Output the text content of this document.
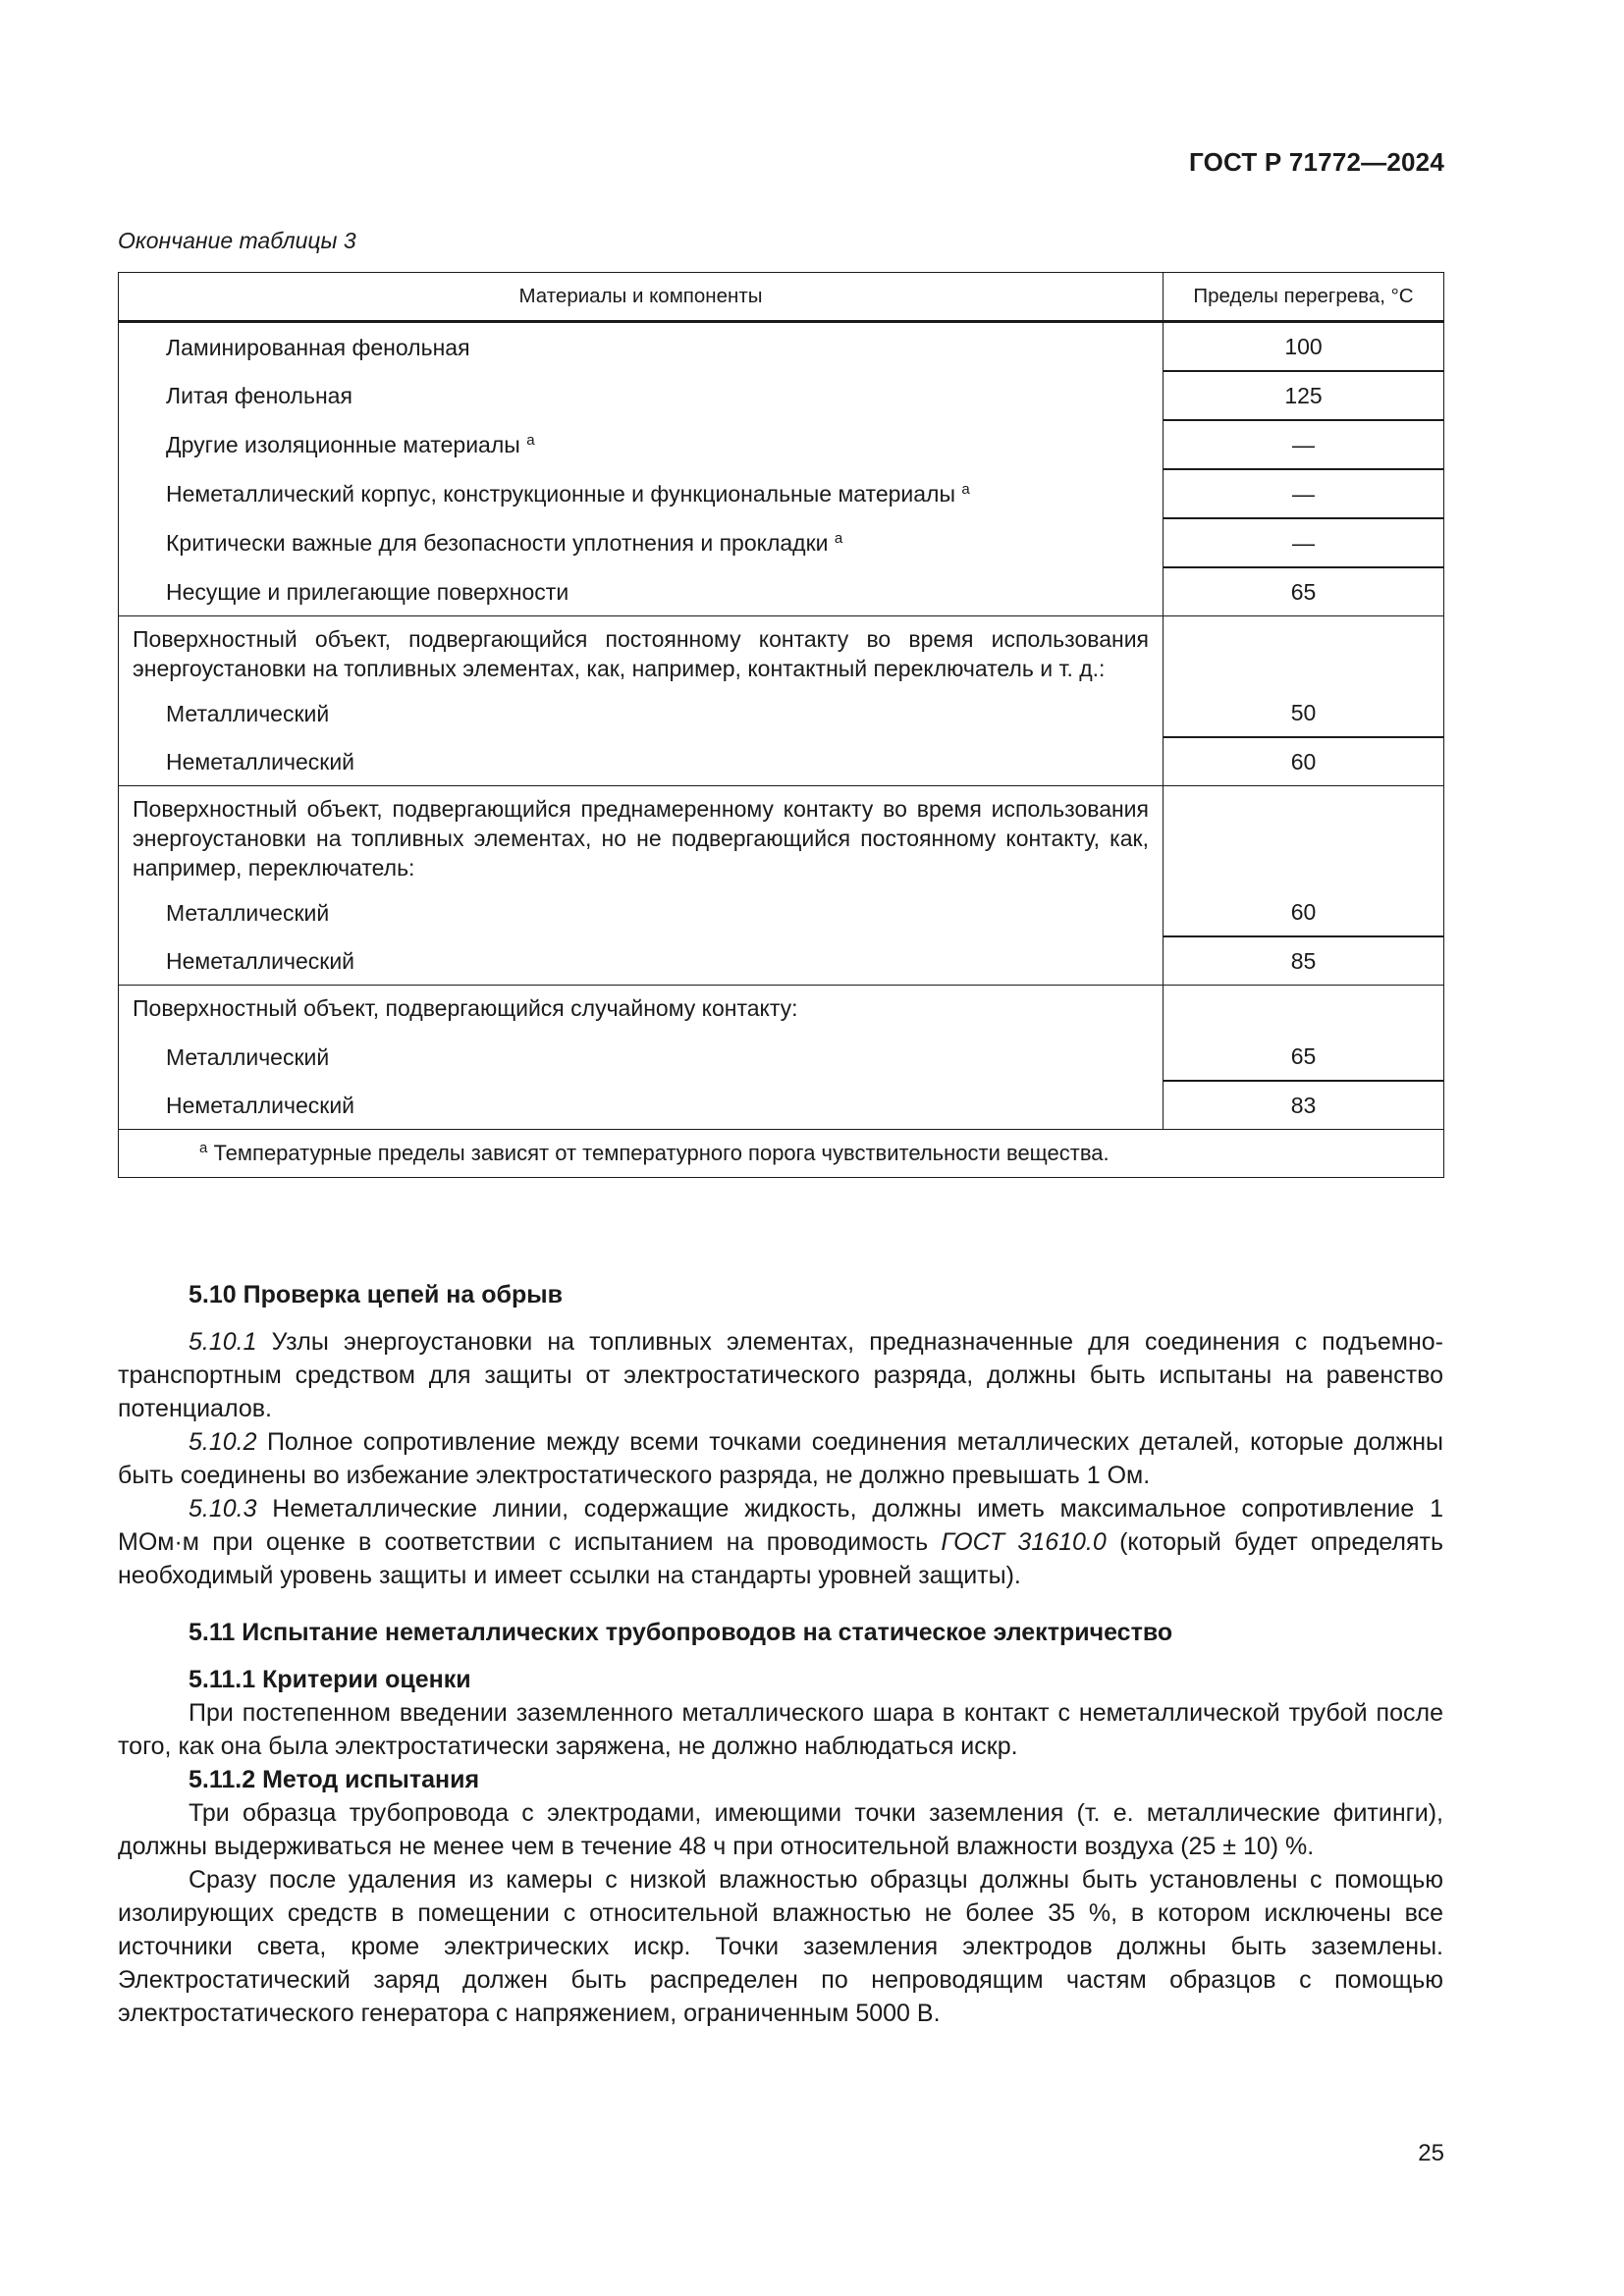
ГОСТ Р 71772—2024
Окончание таблицы 3
Материалы и компоненты	Пределы перегрева, °С
Ламинированная фенольная	100
Литая фенольная	125
Другие изоляционные материалы $^а$	—
Неметаллический корпус, конструкционные и функциональные материалы $^а$	—
Критически важные для безопасности уплотнения и прокладки $^а$	—
Несущие и прилегающие поверхности	65
Поверхностный объект, подвергающийся постоянному контакту во время использования энергоустановки на топливных элементах, как, например, контактный переключатель и т. д.:	
Металлический	50
Неметаллический	60
Поверхностный объект, подвергающийся преднамеренному контакту во время использования энергоустановки на топливных элементах, но не подвергающийся постоянному контакту, как, например, переключатель:	
Металлический	60
Неметаллический	85
Поверхностный объект, подвергающийся случайному контакту:	
Металлический	65
Неметаллический	83
$^а$ Температурные пределы зависят от температурного порога чувствительности вещества.	
5.10 Проверка цепей на обрыв

5.10.1 Узлы энергоустановки на топливных элементах, предназначенные для соединения с подъемно-транспортным средством для защиты от электростатического разряда, должны быть испытаны на равенство потенциалов.

5.10.2 Полное сопротивление между всеми точками соединения металлических деталей, которые должны быть соединены во избежание электростатического разряда, не должно превышать 1 Ом.

5.10.3 Неметаллические линии, содержащие жидкость, должны иметь максимальное сопротивление 1 МОм·м при оценке в соответствии с испытанием на проводимость ГОСТ 31610.0 (который будет определять необходимый уровень защиты и имеет ссылки на стандарты уровней защиты).

5.11 Испытание неметаллических трубопроводов на статическое электричество
5.11.1 Критерии оценки

При постепенном введении заземленного металлического шара в контакт с неметаллической трубой после того, как она была электростатически заряжена, не должно наблюдаться искр.

5.11.2 Метод испытания

Три образца трубопровода с электродами, имеющими точки заземления (т. е. металлические фитинги), должны выдерживаться не менее чем в течение 48 ч при относительной влажности воздуха (25 ± 10) %.

Сразу после удаления из камеры с низкой влажностью образцы должны быть установлены с помощью изолирующих средств в помещении с относительной влажностью не более 35 %, в котором исключены все источники света, кроме электрических искр. Точки заземления электродов должны быть заземлены. Электростатический заряд должен быть распределен по непроводящим частям образцов с помощью электростатического генератора с напряжением, ограниченным 5000 В.

25
